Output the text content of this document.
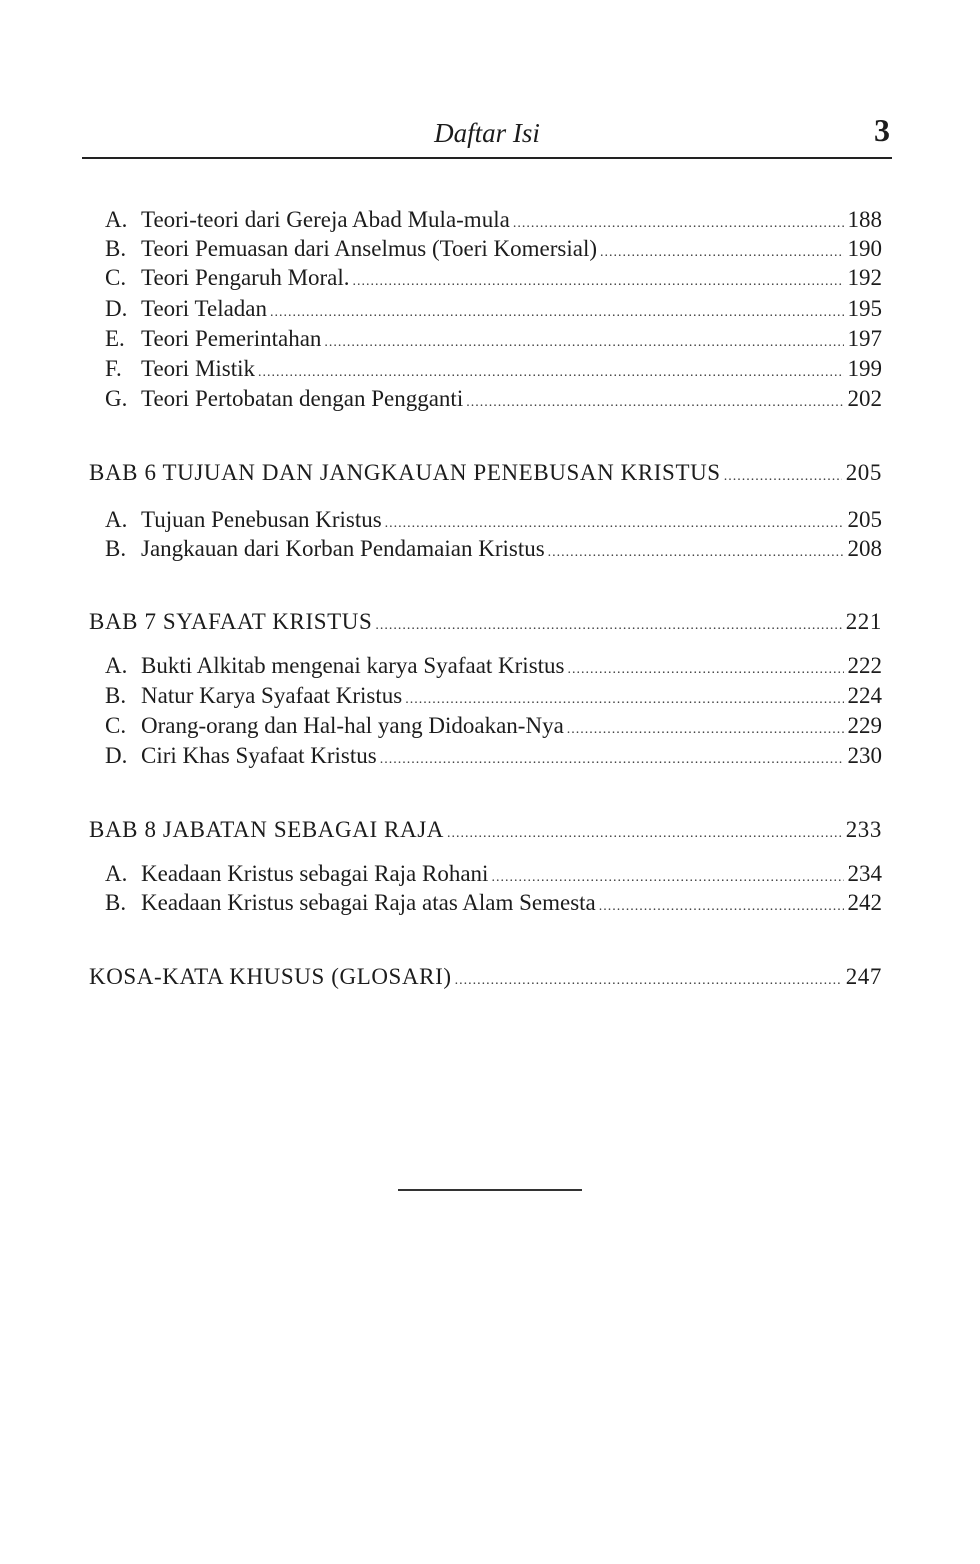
Daftar Isi	3
A. Teori-teori dari Gereja Abad Mula-mula .....	188
B. Teori Pemuasan dari Anselmus (Toeri Komersial) .....	190
C. Teori Pengaruh Moral. .....	192
D. Teori Teladan .....	195
E. Teori Pemerintahan .....	197
F. Teori Mistik .....	199
G. Teori Pertobatan dengan Pengganti .....	202
BAB 6 TUJUAN DAN JANGKAUAN PENEBUSAN KRISTUS .....	205
A. Tujuan Penebusan Kristus .....	205
B. Jangkauan dari Korban Pendamaian Kristus .....	208
BAB 7 SYAFAAT KRISTUS .....	221
A. Bukti Alkitab mengenai karya Syafaat Kristus .....	222
B. Natur Karya Syafaat Kristus .....	224
C. Orang-orang dan Hal-hal yang Didoakan-Nya .....	229
D. Ciri Khas Syafaat Kristus .....	230
BAB 8 JABATAN SEBAGAI RAJA .....	233
A. Keadaan Kristus sebagai Raja Rohani .....	234
B. Keadaan Kristus sebagai Raja atas Alam Semesta .....	242
KOSA-KATA KHUSUS (GLOSARI) .....	247
